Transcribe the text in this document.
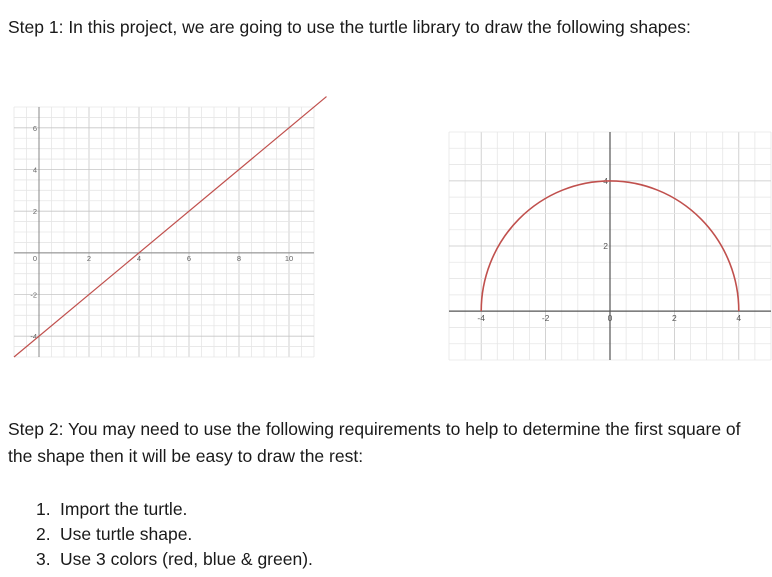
Step 1: In this project, we are going to use the turtle library to draw the following shapes:

2	4	6	8	10
6
4
2
0
-2
-4
-4	-2	0	2	4
4
2

Step 2: You may need to use the following requirements to help to determine the first square of the shape then it will be easy to draw the rest:

1. Import the turtle.
2. Use turtle shape.
3. Use 3 colors (red, blue & green).
